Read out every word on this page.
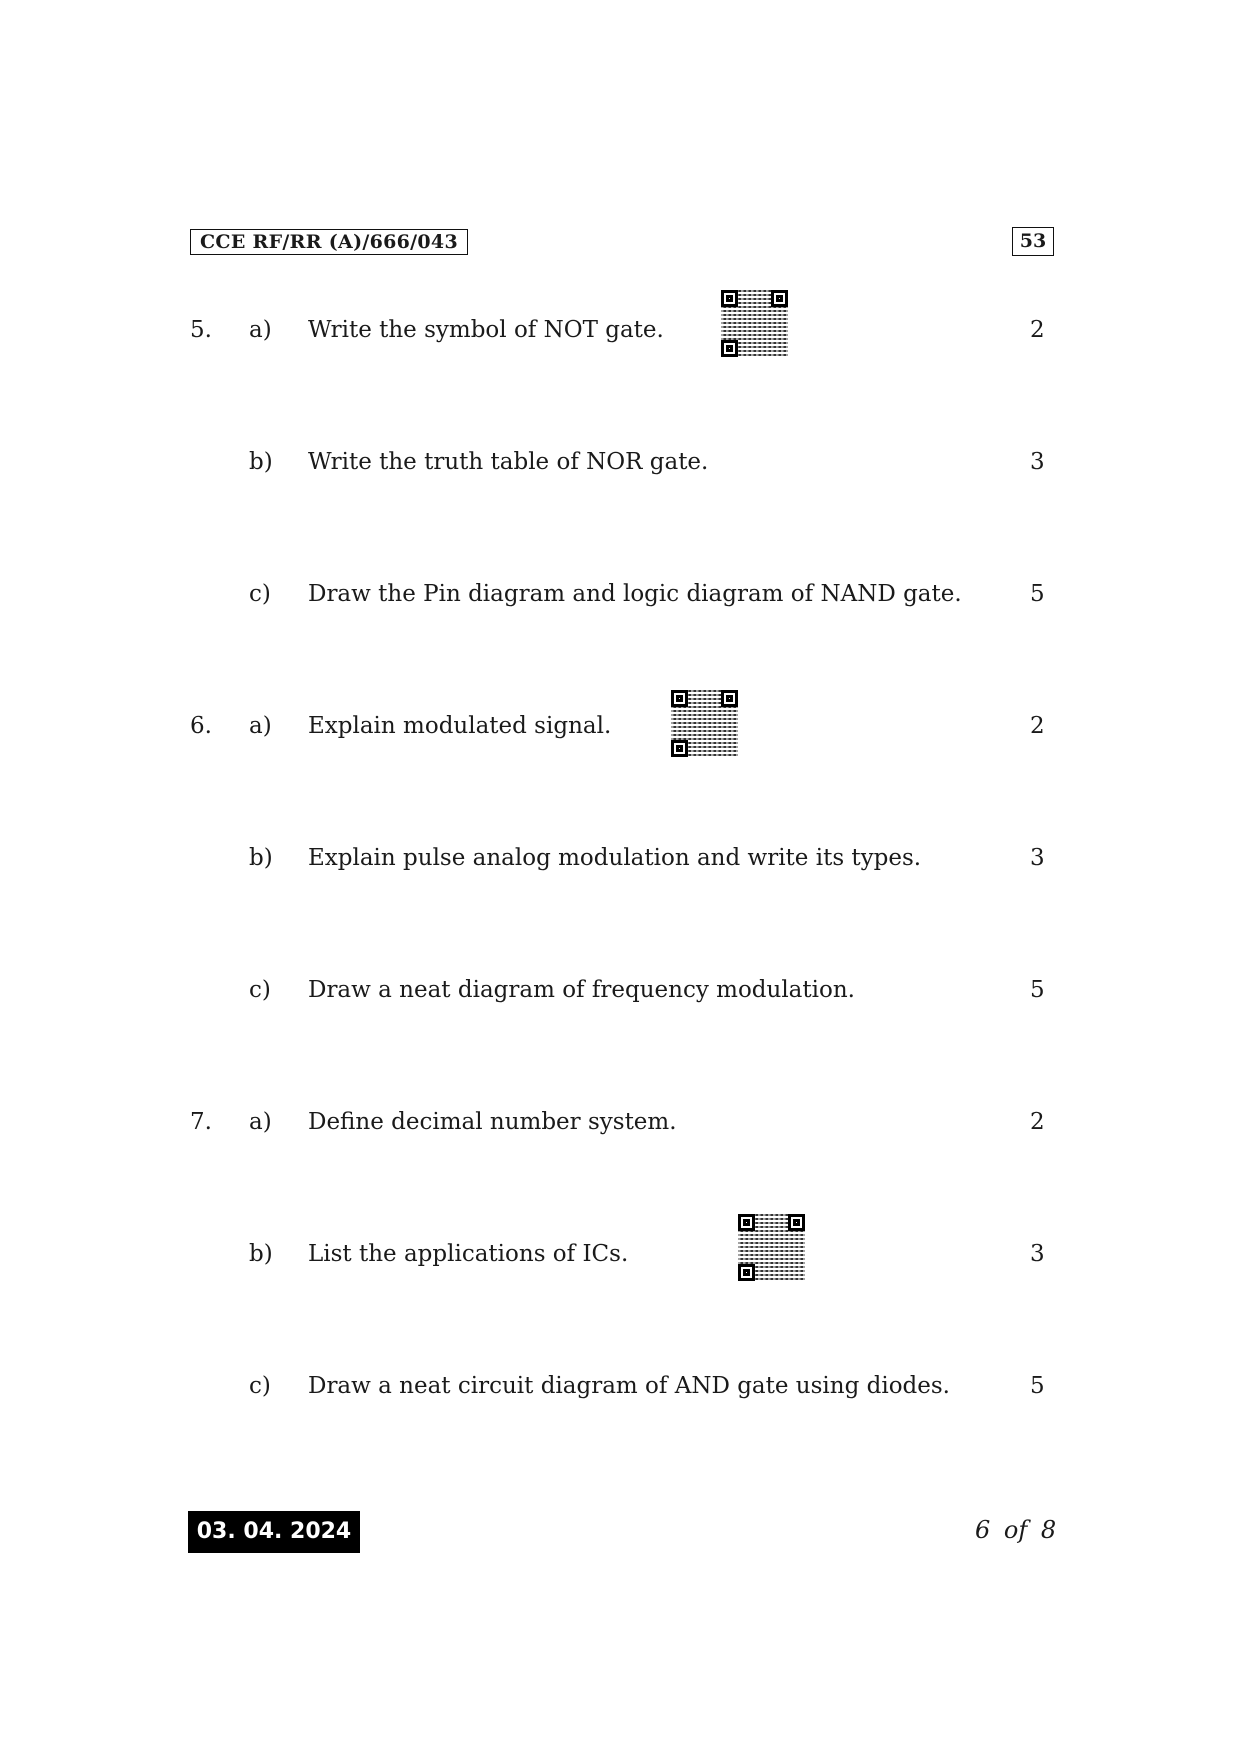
CCE RF/RR (A)/666/043	53
5. a) Write the symbol of NOT gate.	2
b) Write the truth table of NOR gate.	3
c) Draw the Pin diagram and logic diagram of NAND gate.	5
6. a) Explain modulated signal.	2
b) Explain pulse analog modulation and write its types.	3
c) Draw a neat diagram of frequency modulation.	5
7. a) Define decimal number system.	2
b) List the applications of ICs.	3
c) Draw a neat circuit diagram of AND gate using diodes.	5
03. 04. 2024	6 of 8
